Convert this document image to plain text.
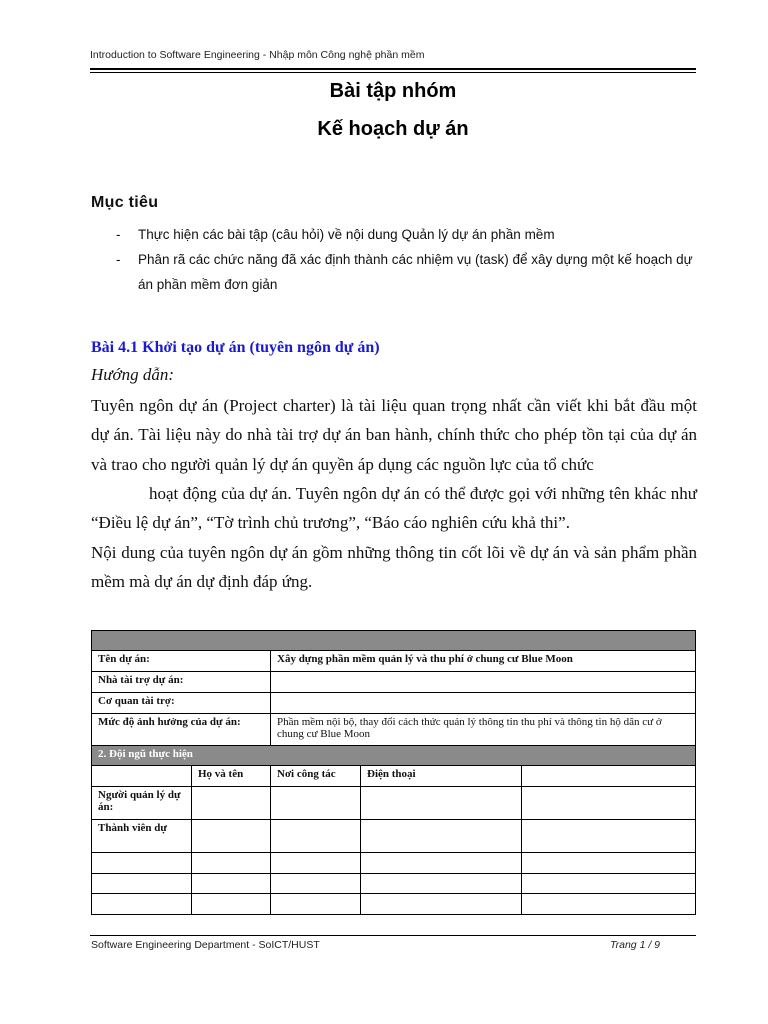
Introduction to Software Engineering - Nhập môn Công nghệ phần mềm
Bài tập nhóm
Kế hoạch dự án
Mục tiêu
- Thực hiện các bài tập (câu hỏi) về nội dung Quản lý dự án phần mềm
- Phân rã các chức năng đã xác định thành các nhiệm vụ (task) để xây dựng một kế hoạch dự án phần mềm đơn giản
Bài 4.1 Khởi tạo dự án (tuyên ngôn dự án)
Hướng dẫn:
Tuyên ngôn dự án (Project charter) là tài liệu quan trọng nhất cần viết khi bắt đầu một dự án. Tài liệu này do nhà tài trợ dự án ban hành, chính thức cho phép tồn tại của dự án và trao cho người quản lý dự án quyền áp dụng các nguồn lực của tổ chức
hoạt động của dự án. Tuyên ngôn dự án có thể được gọi với những tên khác như “Điều lệ dự án”, “Tờ trình chủ trương”, “Báo cáo nghiên cứu khả thi”.
Nội dung của tuyên ngôn dự án gồm những thông tin cốt lõi về dự án và sản phẩm phần mềm mà dự án dự định đáp ứng.

Tên dự án:		Xây dựng phần mềm quản lý và thu phí ở chung cư Blue Moon		
Nhà tài trợ dự án:				
Cơ quan tài trợ:				
Mức độ ảnh hưởng của dự án:		Phần mềm nội bộ, thay đổi cách thức quản lý thông tin thu phí và thông tin hộ dân cư ở chung cư Blue Moon		
2. Đội ngũ thực hiện				
	Họ và tên	Nơi công tác	Điện thoại	
Người quản lý dự án:				
Thành viên dự				

Software Engineering Department - SoICT/HUST	Trang 1 / 9
